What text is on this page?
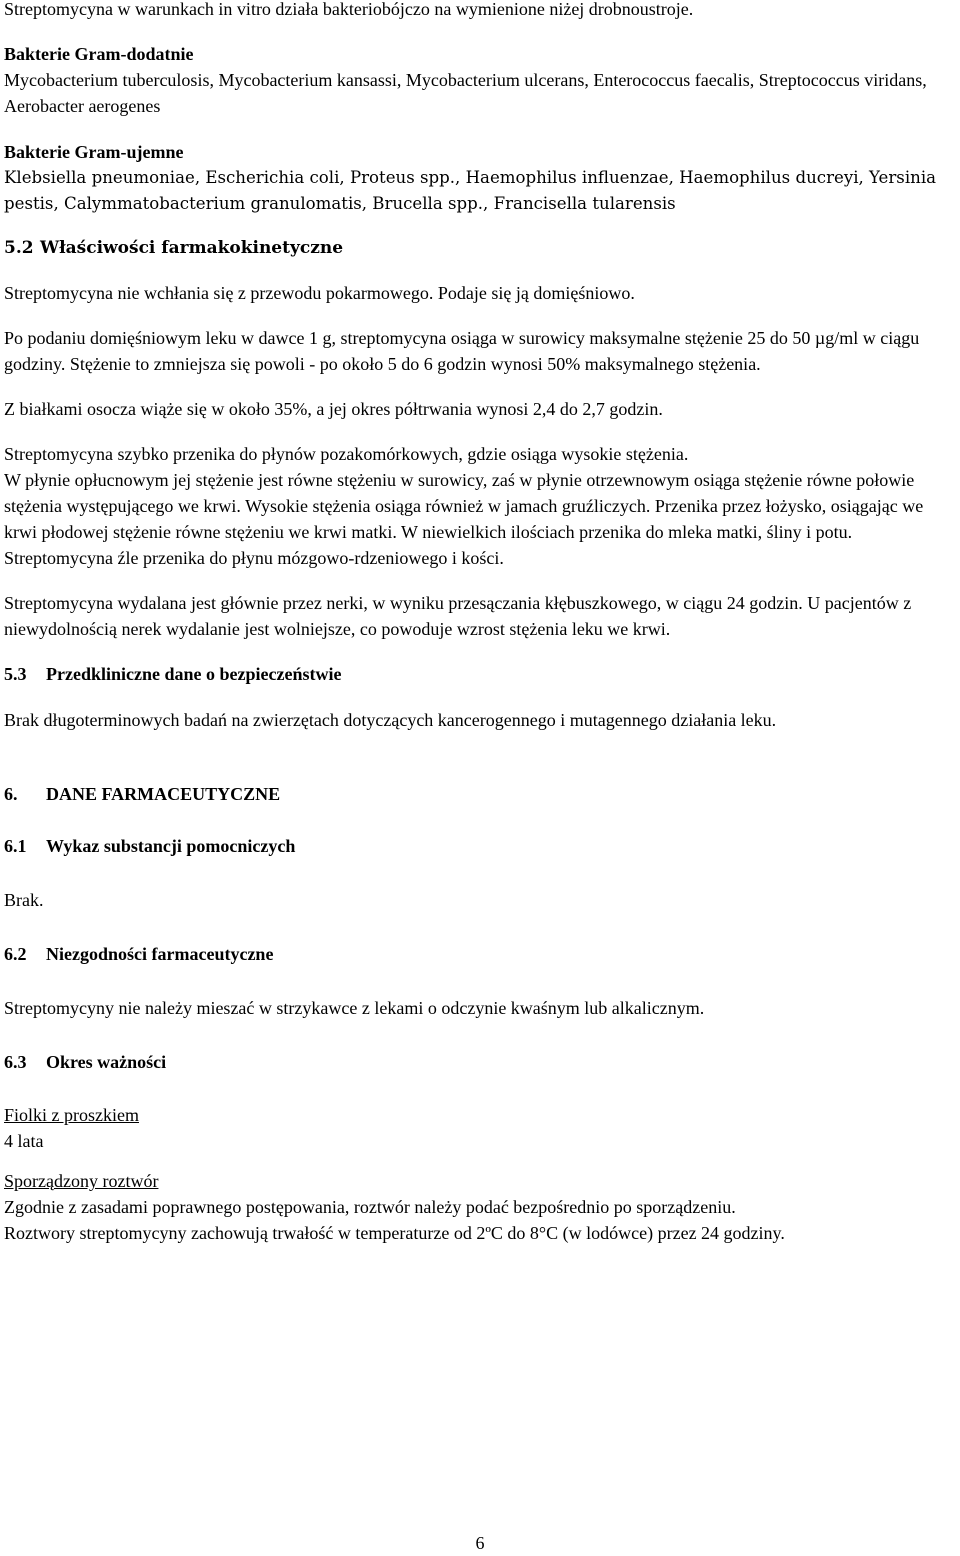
Streptomycyna w warunkach in vitro działa bakteriobójczo na wymienione niżej drobnoustroje.

Bakterie Gram-dodatnie

Mycobacterium tuberculosis, Mycobacterium kansassi, Mycobacterium ulcerans, Enterococcus faecalis, Streptococcus viridans, Aerobacter aerogenes

Bakterie Gram-ujemne

Klebsiella pneumoniae, Escherichia coli, Proteus spp., Haemophilus influenzae, Haemophilus ducreyi, Yersinia pestis, Calymmatobacterium granulomatis, Brucella spp., Francisella tularensis

5.2 Właściwości farmakokinetyczne

Streptomycyna nie wchłania się z przewodu pokarmowego. Podaje się ją domięśniowo.

Po podaniu domięśniowym leku w dawce 1 g, streptomycyna osiąga w surowicy maksymalne stężenie 25 do 50 µg/ml w ciągu godziny. Stężenie to zmniejsza się powoli - po około 5 do 6 godzin wynosi 50% maksymalnego stężenia.

Z białkami osocza wiąże się w około 35%, a jej okres półtrwania wynosi 2,4 do 2,7 godzin.

Streptomycyna szybko przenika do płynów pozakomórkowych, gdzie osiąga wysokie stężenia.

W płynie opłucnowym jej stężenie jest równe stężeniu w surowicy, zaś w płynie otrzewnowym osiąga stężenie równe połowie stężenia występującego we krwi. Wysokie stężenia osiąga również w jamach gruźliczych. Przenika przez łożysko, osiągając we krwi płodowej stężenie równe stężeniu we krwi matki. W niewielkich ilościach przenika do mleka matki, śliny i potu. Streptomycyna źle przenika do płynu mózgowo-rdzeniowego i kości.

Streptomycyna wydalana jest głównie przez nerki, w wyniku przesączania kłębuszkowego, w ciągu 24 godzin. U pacjentów z niewydolnością nerek wydalanie jest wolniejsze, co powoduje wzrost stężenia leku we krwi.

5.3 Przedkliniczne dane o bezpieczeństwie

Brak długoterminowych badań na zwierzętach dotyczących kancerogennego i mutagennego działania leku.

6. DANE FARMACEUTYCZNE
6.1 Wykaz substancji pomocniczych

Brak.

6.2 Niezgodności farmaceutyczne

Streptomycyny nie należy mieszać w strzykawce z lekami o odczynie kwaśnym lub alkalicznym.

6.3 Okres ważności

Fiolki z proszkiem

4 lata

Sporządzony roztwór

Zgodnie z zasadami poprawnego postępowania, roztwór należy podać bezpośrednio po sporządzeniu.

Roztwory streptomycyny zachowują trwałość w temperaturze od 2ºC do 8°C (w lodówce) przez 24 godziny.

6
